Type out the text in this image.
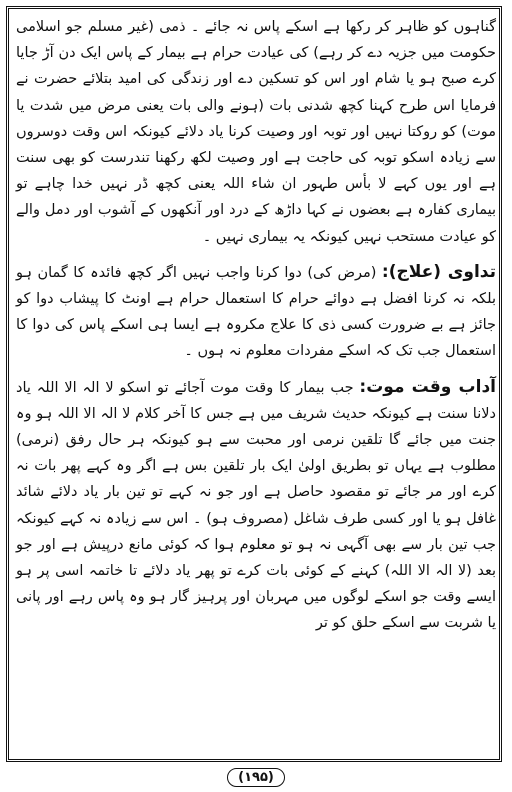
گناہوں کو ظاہر کر رکھا ہے اسکے پاس نہ جائے ۔ ذمی (غیر مسلم جو اسلامی حکومت میں جزیہ دے کر رہے) کی عیادت حرام ہے بیمار کے پاس ایک دن آڑ جایا کرے صبح ہو یا شام اور اس کو تسکین دے اور زندگی کی امید بتلائے حضرت نے فرمایا اس طرح کہنا کچھ شدنی بات (ہونے والی بات یعنی مرض میں شدت یا موت) کو روکتا نہیں اور توبہ اور وصیت کرنا یاد دلائے کیونکہ اس وقت دوسروں سے زیادہ اسکو توبہ کی حاجت ہے اور وصیت لکھ رکھنا تندرست کو بھی سنت ہے اور یوں کہے لا بأس طہور ان شاء اللہ یعنی کچھ ڈر نہیں خدا چاہے تو بیماری کفارہ ہے بعضوں نے کہا داڑھ کے درد اور آنکھوں کے آشوب اور دمل والے کو عیادت مستحب نہیں کیونکہ یہ بیماری نہیں ۔

تداوی (علاج): (مرض کی) دوا کرنا واجب نہیں اگر کچھ فائدہ کا گمان ہو بلکہ نہ کرنا افضل ہے دوائے حرام کا استعمال حرام ہے اونٹ کا پیشاب دوا کو جائز ہے بے ضرورت کسی ذی کا علاج مکروہ ہے ایسا ہی اسکے پاس کی دوا کا استعمال جب تک کہ اسکے مفردات معلوم نہ ہوں ۔

آداب وقت موت: جب بیمار کا وقت موت آجائے تو اسکو لا الہ الا اللہ یاد دلانا سنت ہے کیونکہ حدیث شریف میں ہے جس کا آخر کلام لا الہ الا اللہ ہو وہ جنت میں جائے گا تلقین نرمی اور محبت سے ہو کیونکہ ہر حال رفق (نرمی) مطلوب ہے یہاں تو بطریق اولیٰ ایک بار تلقین بس ہے اگر وہ کہے پھر بات نہ کرے اور مر جائے تو مقصود حاصل ہے اور جو نہ کہے تو تین بار یاد دلائے شائد غافل ہو یا اور کسی طرف شاغل (مصروف ہو) ۔ اس سے زیادہ نہ کہے کیونکہ جب تین بار سے بھی آگہی نہ ہو تو معلوم ہوا کہ کوئی مانع درپیش ہے اور جو بعد (لا الہ الا اللہ) کہنے کے کوئی بات کرے تو پھر یاد دلائے تا خاتمہ اسی پر ہو ایسے وقت جو اسکے لوگوں میں مہربان اور پرہیز گار ہو وہ پاس رہے اور پانی یا شربت سے اسکے حلق کو تر

(۱۹۵)
